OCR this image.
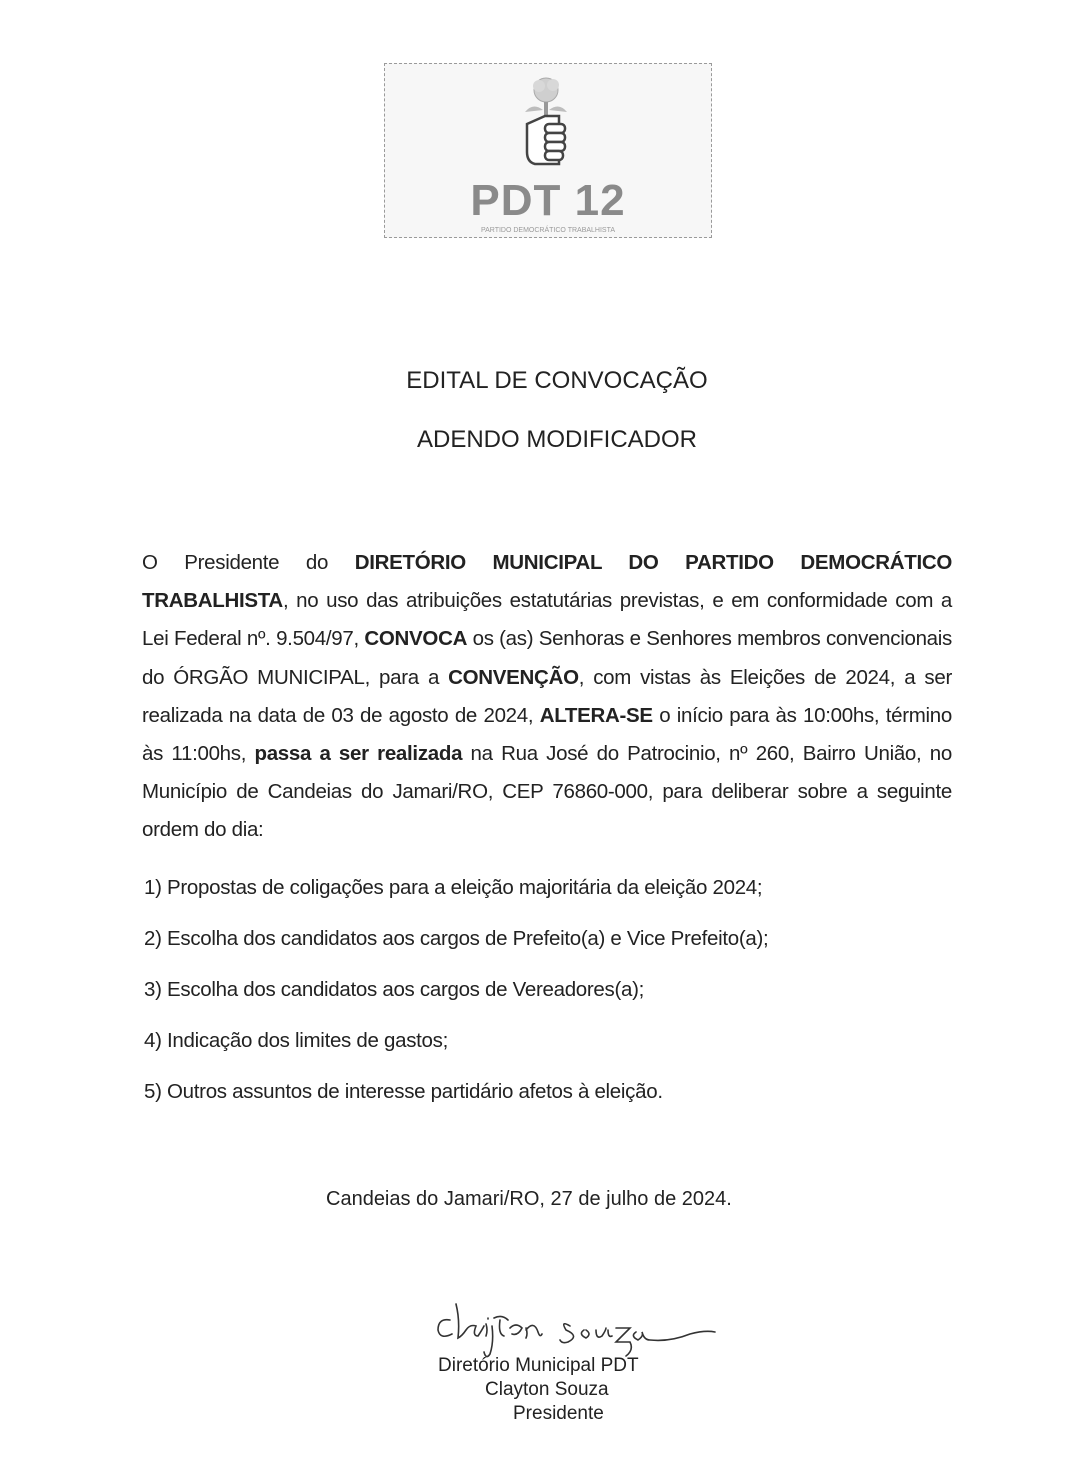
PDT 12
PARTIDO DEMOCRÁTICO TRABALHISTA
EDITAL DE CONVOCAÇÃO
ADENDO MODIFICADOR
O Presidente do DIRETÓRIO MUNICIPAL DO PARTIDO DEMOCRÁTICO TRABALHISTA, no uso das atribuições estatutárias previstas, e em conformidade com a Lei Federal nº. 9.504/97, CONVOCA os (as) Senhoras e Senhores membros convencionais do ÓRGÃO MUNICIPAL, para a CONVENÇÃO, com vistas às Eleições de 2024, a ser realizada na data de 03 de agosto de 2024, ALTERA-SE o início para às 10:00hs, término às 11:00hs, passa a ser realizada na Rua José do Patrocinio, nº 260, Bairro União, no Município de Candeias do Jamari/RO, CEP 76860-000, para deliberar sobre a seguinte ordem do dia:
1) Propostas de coligações para a eleição majoritária da eleição 2024;
2) Escolha dos candidatos aos cargos de Prefeito(a) e Vice Prefeito(a);
3) Escolha dos candidatos aos cargos de Vereadores(a);
4) Indicação dos limites de gastos;
5) Outros assuntos de interesse partidário afetos à eleição.
Candeias do Jamari/RO, 27 de julho de 2024.
Diretório Municipal PDT
Clayton Souza
Presidente
